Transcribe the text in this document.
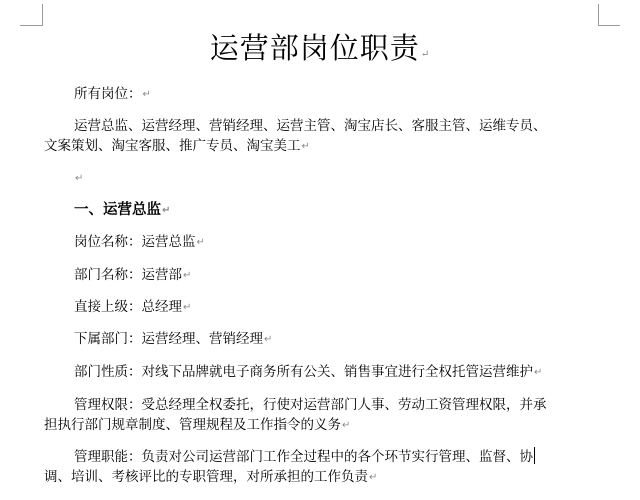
运营部岗位职责↵
所有岗位：↵
运营总监、运营经理、营销经理、运营主管、淘宝店长、客服主管、运维专员、
文案策划、淘宝客服、推广专员、淘宝美工↵
↵
一、运营总监↵
岗位名称：运营总监↵
部门名称：运营部↵
直接上级：总经理↵
下属部门：运营经理、营销经理↵
部门性质：对线下品牌就电子商务所有公关、销售事宜进行全权托管运营维护↵
管理权限：受总经理全权委托，行使对运营部门人事、劳动工资管理权限，并承
担执行部门规章制度、管理规程及工作指令的义务↵
管理职能：负责对公司运营部门工作全过程中的各个环节实行管理、监督、协
调、培训、考核评比的专职管理，对所承担的工作负责↵
